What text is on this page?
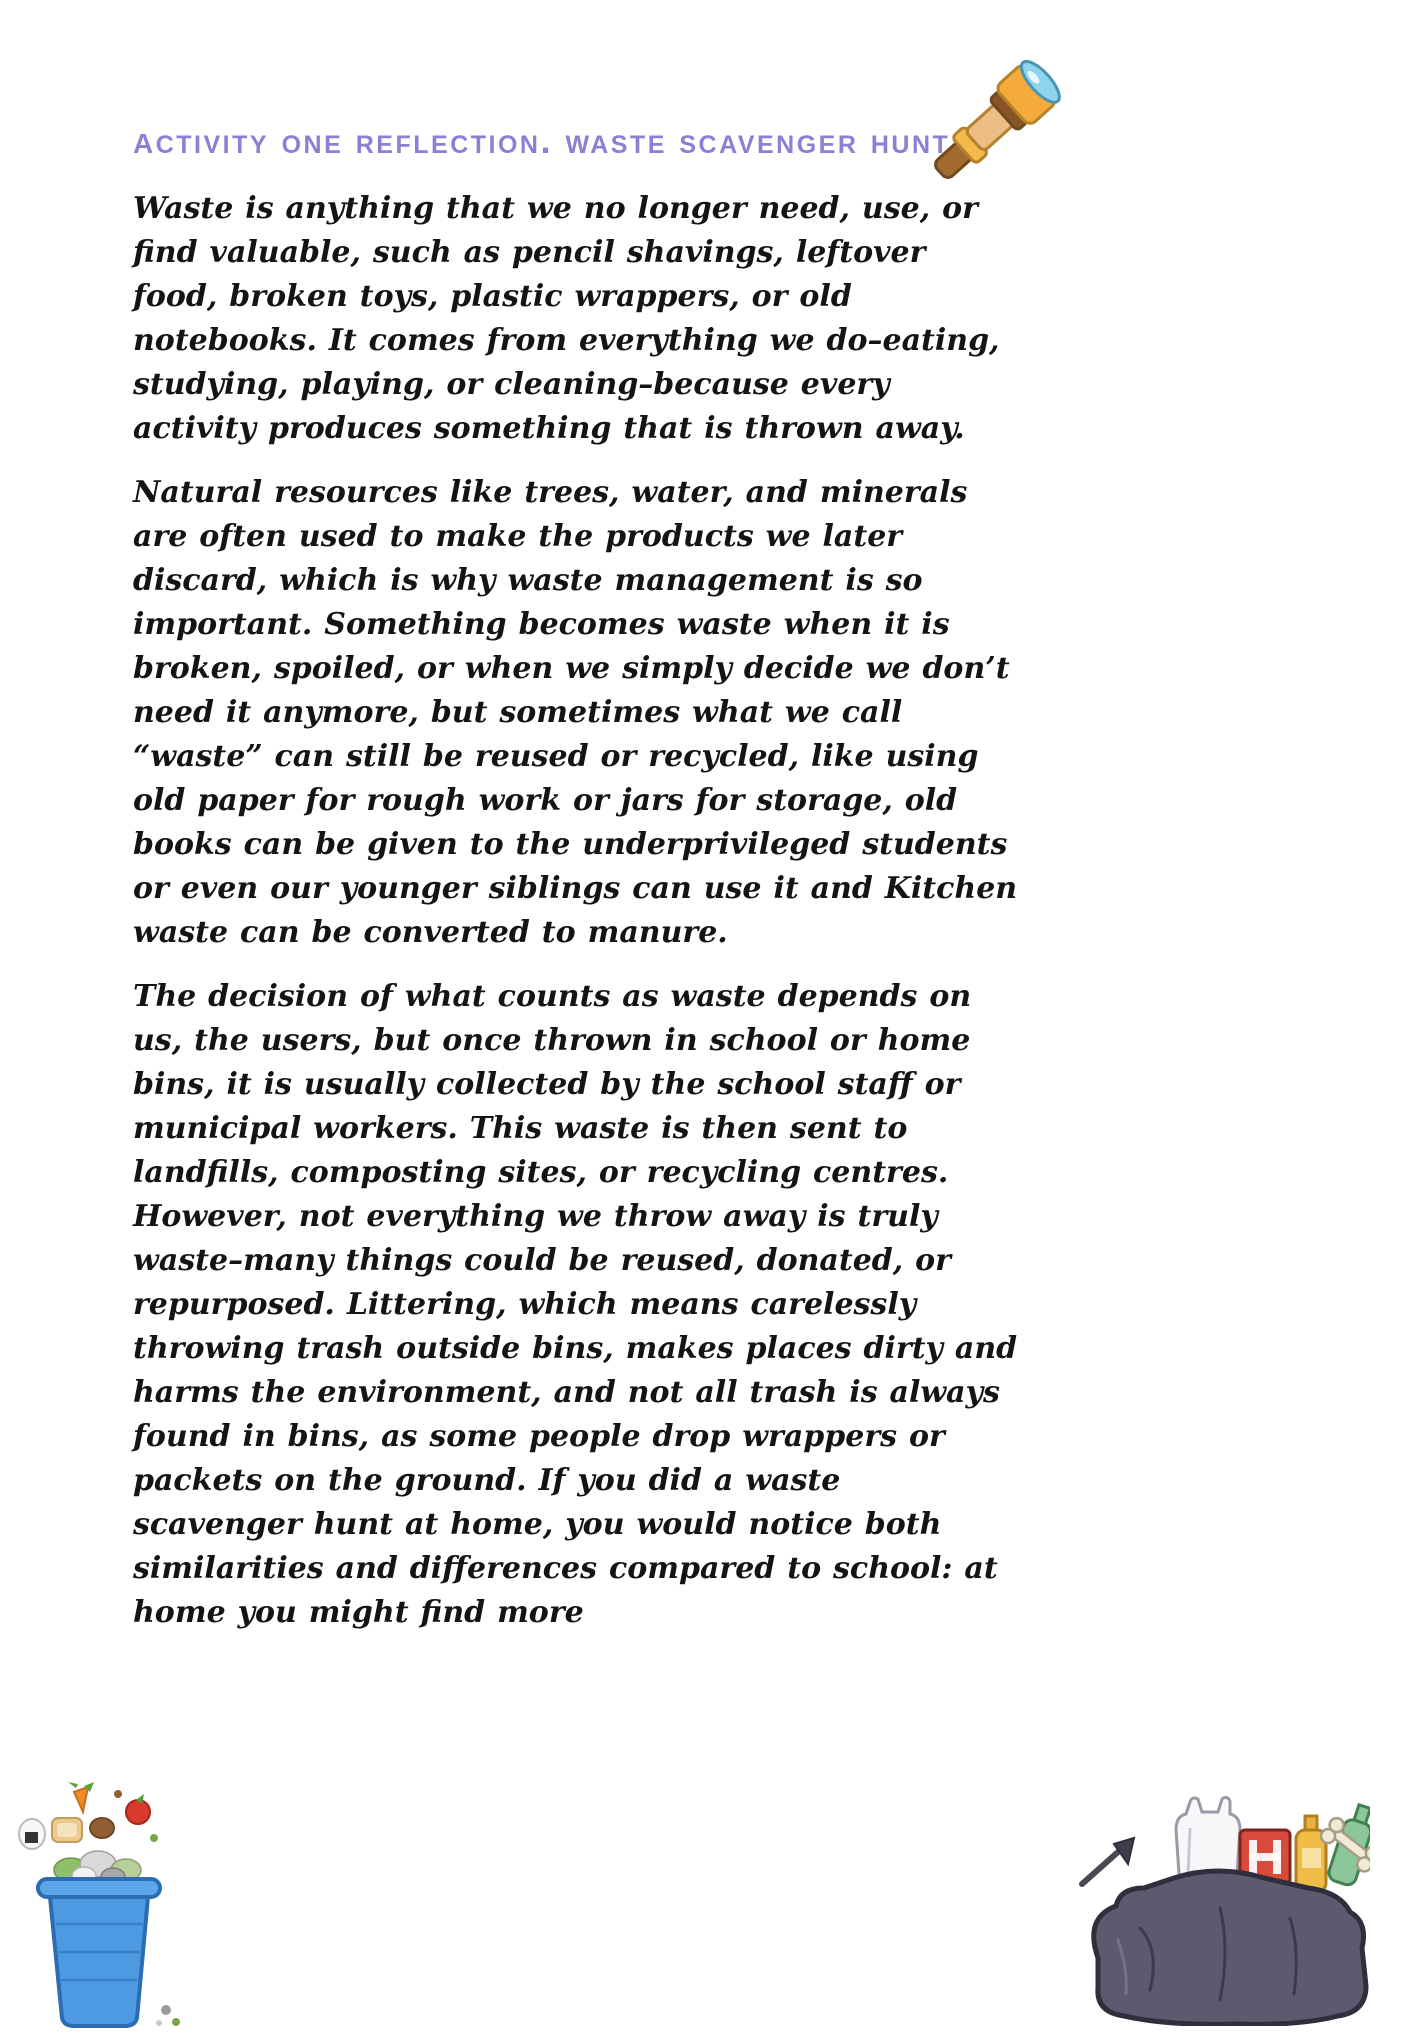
activity one reflection. waste scavenger hunt

Waste is anything that we no longer need, use, or find valuable, such as pencil shavings, leftover food, broken toys, plastic wrappers, or old notebooks. It comes from everything we do–eating, studying, playing, or cleaning–because every activity produces something that is thrown away.

Natural resources like trees, water, and minerals are often used to make the products we later discard, which is why waste management is so important. Something becomes waste when it is broken, spoiled, or when we simply decide we don’t need it anymore, but sometimes what we call “waste” can still be reused or recycled, like using old paper for rough work or jars for storage, old books can be given to the underprivileged students or even our younger siblings can use it and Kitchen waste can be converted to manure.

The decision of what counts as waste depends on us, the users, but once thrown in school or home bins, it is usually collected by the school staff or municipal workers. This waste is then sent to landfills, composting sites, or recycling centres. However, not everything we throw away is truly waste–many things could be reused, donated, or repurposed. Littering, which means carelessly throwing trash outside bins, makes places dirty and harms the environment, and not all trash is always found in bins, as some people drop wrappers or packets on the ground. If you did a waste scavenger hunt at home, you would notice both similarities and differences compared to school: at home you might find more
